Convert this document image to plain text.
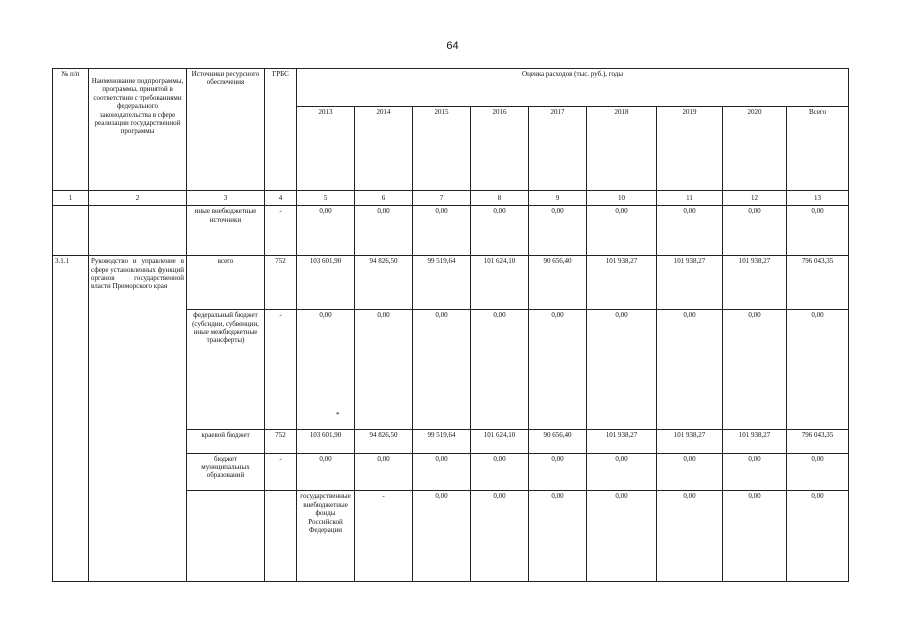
64
№ п/п	Наименование подпрограммы, программы, принятой в соответствии с требованиями федерального законодательства в сфере реализации государственной программы	Источники ресурсного обеспечения	ГРБС	Оценка расходов (тыс. руб.), годы									
				2013	2014	2015	2016	2017	2018	2019	2020	Всего	
1	2	3	4	5	6	7	8	9	10	11	12	13	
		иные внебюджетные источники	-	0,00	0,00	0,00	0,00	0,00	0,00	0,00	0,00	0,00	
3.1.1	Руководство и управление в сфере установленных функций органов государственной власти Приморского края	всего	752	103 601,90	94 826,50	99 519,64	101 624,10	90 656,40	101 938,27	101 938,27	101 938,27	796 043,35	
		федеральный бюджет (субсидии, субвенции, иные межбюджетные трансферты)	-	0,00	0,00	0,00	0,00	0,00	0,00	0,00	0,00	0,00	
		краевой бюджет	752	103 601,90	94 826,50	99 519,64	101 624,10	90 656,40	101 938,27	101 938,27	101 938,27	796 043,35	
		бюджет муниципальных образований	-	0,00	0,00	0,00	0,00	0,00	0,00	0,00	0,00	0,00	
				государственные внебюджетные фонды Российской Федерации	-	0,00	0,00	0,00	0,00	0,00	0,00	0,00		
*
